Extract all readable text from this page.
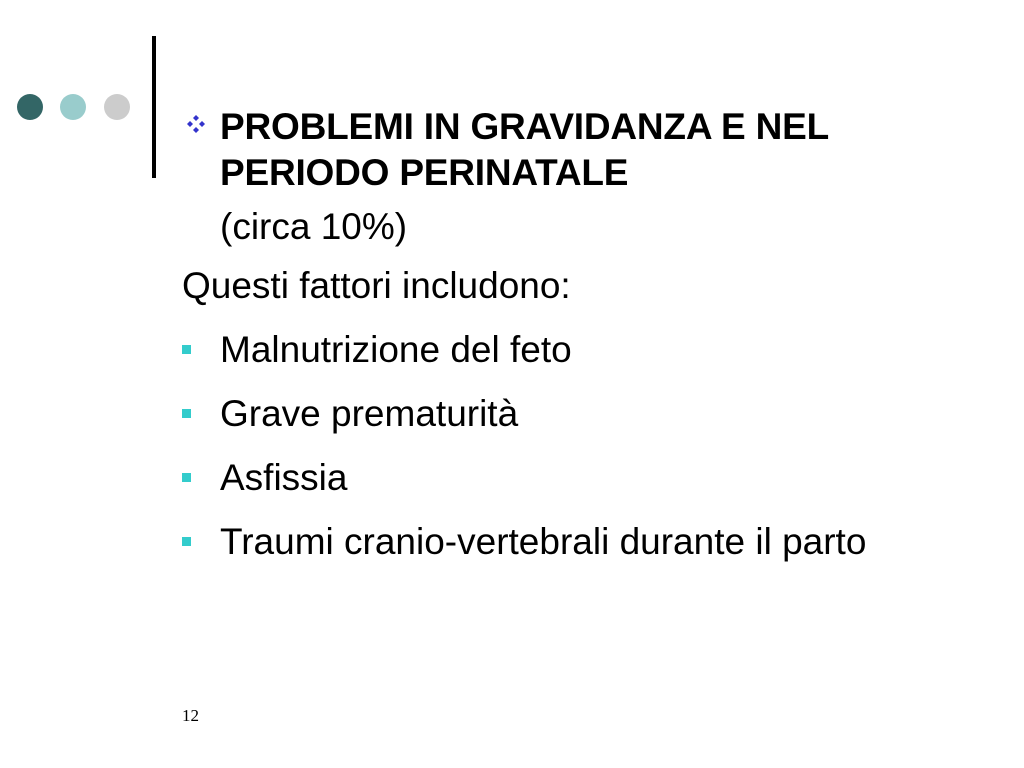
PROBLEMI IN GRAVIDANZA E NEL PERIODO PERINATALE
(circa 10%)
Questi fattori includono:
Malnutrizione del feto
Grave prematurità
Asfissia
Traumi cranio-vertebrali durante il parto
12
